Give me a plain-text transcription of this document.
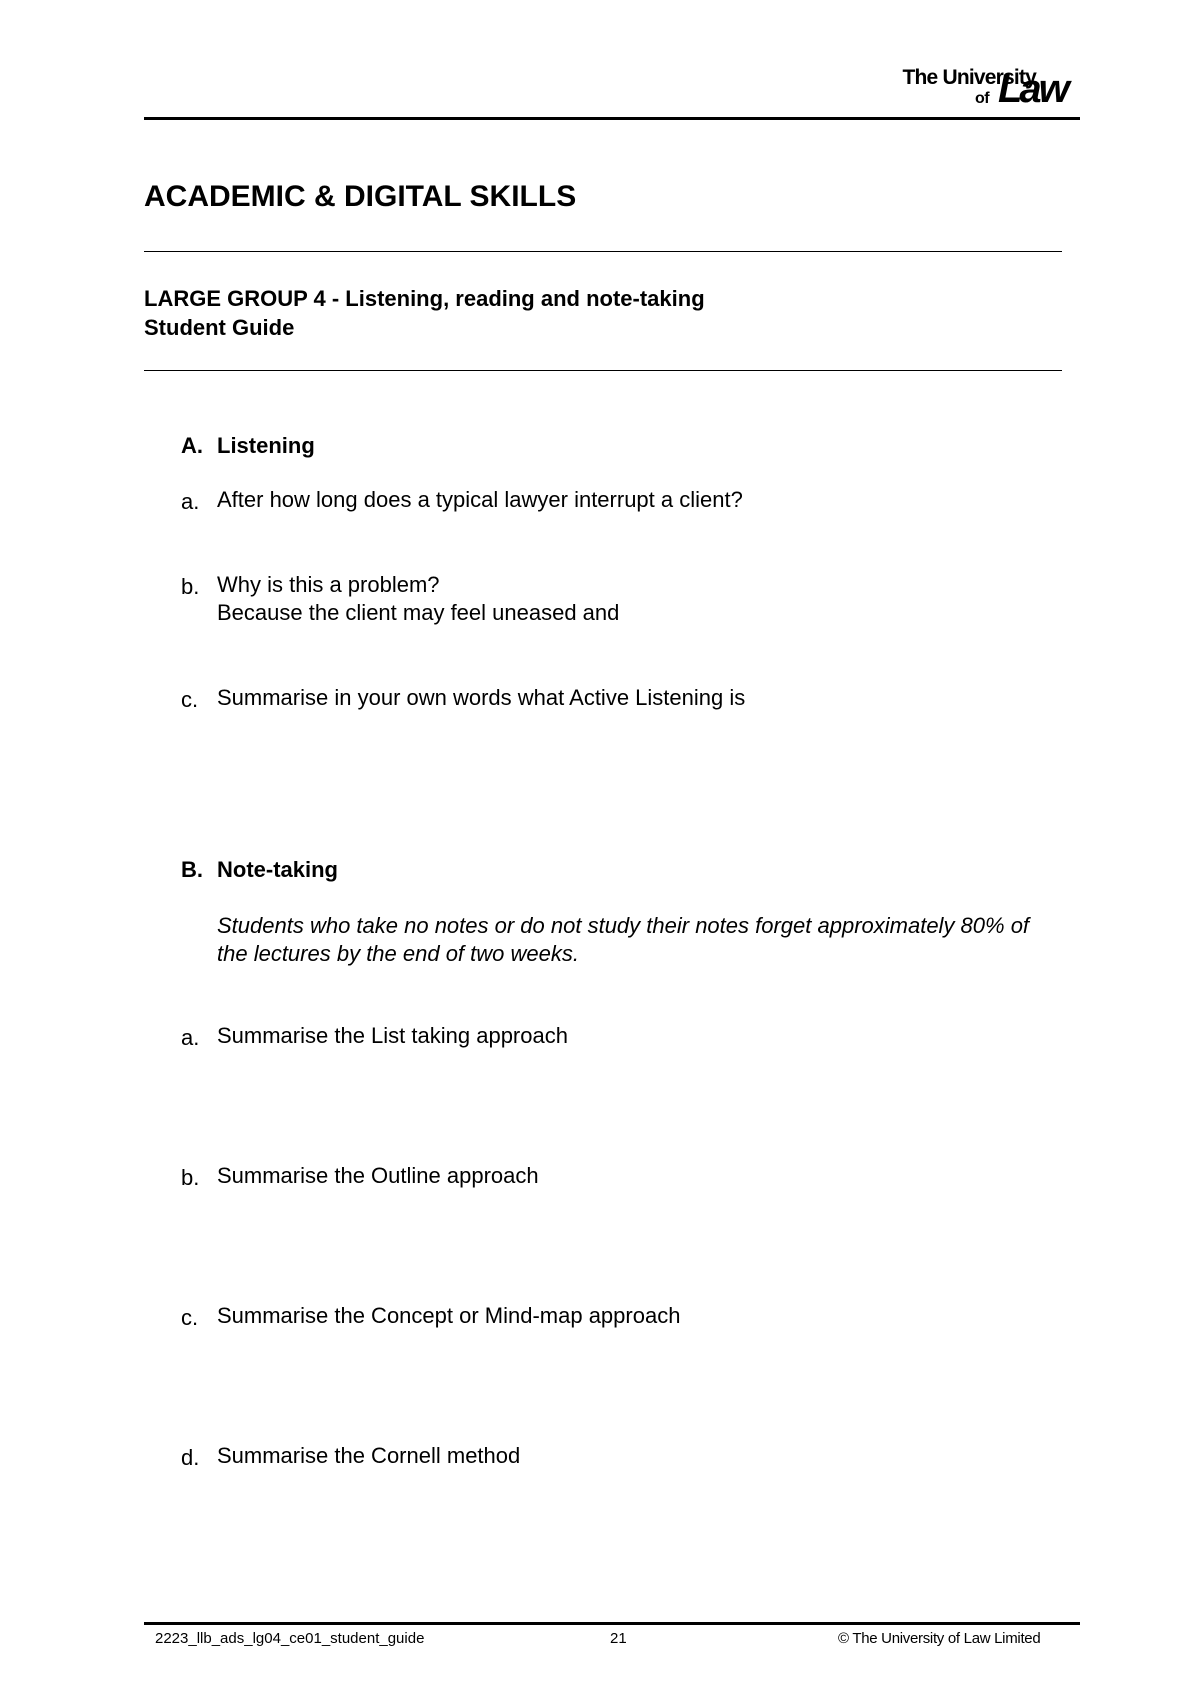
The University
of Law
ACADEMIC & DIGITAL SKILLS
LARGE GROUP 4 - Listening, reading and note-taking
Student Guide
A. Listening
a. After how long does a typical lawyer interrupt a client?
b. Why is this a problem?
Because the client may feel uneased and
c. Summarise in your own words what Active Listening is
B. Note-taking
Students who take no notes or do not study their notes forget approximately 80% of the lectures by the end of two weeks.
a. Summarise the List taking approach
b. Summarise the Outline approach
c. Summarise the Concept or Mind-map approach
d. Summarise the Cornell method
2223_llb_ads_lg04_ce01_student_guide	21	© The University of Law Limited
